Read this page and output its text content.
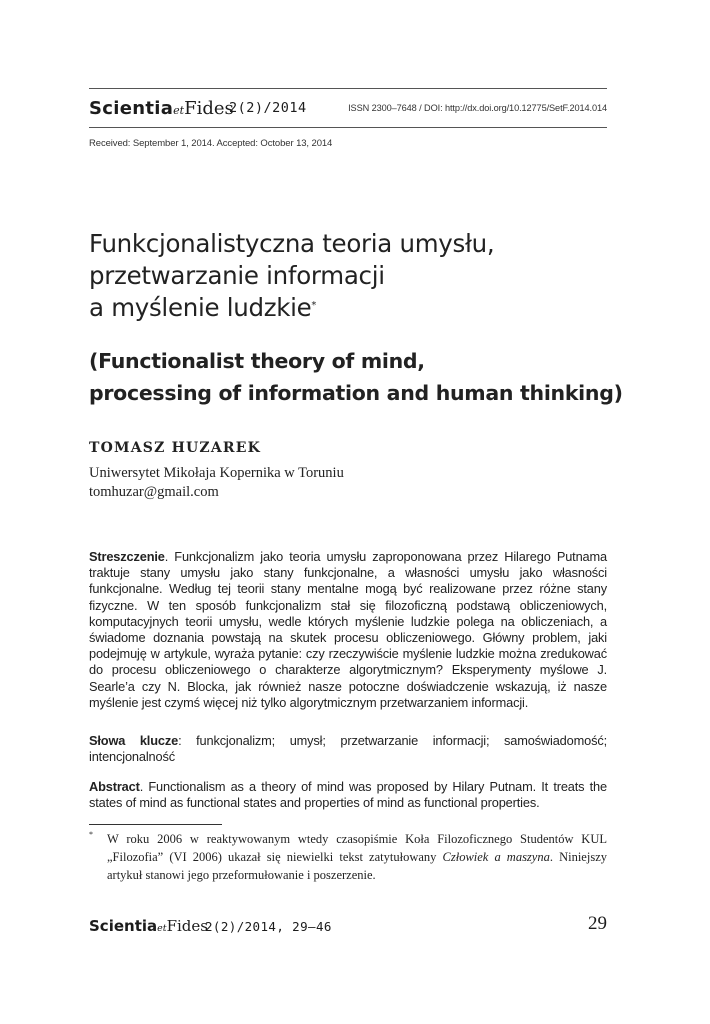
ScientiaetFides
2(2)/2014	ISSN 2300–7648 / DOI: http://dx.doi.org/10.12775/SetF.2014.014
Received: September 1, 2014. Accepted: October 13, 2014
Funkcjonalistyczna teoria umysłu,
przetwarzanie informacji
a myślenie ludzkie*
(Functionalist theory of mind,
processing of information and human thinking)
TOMASZ HUZAREK
Uniwersytet Mikołaja Kopernika w Toruniu
tomhuzar@gmail.com

Streszczenie. Funkcjonalizm jako teoria umysłu zaproponowana przez Hilarego Putnama traktuje stany umysłu jako stany funkcjonalne, a własności umysłu jako własności funkcjonalne. Według tej teorii stany mentalne mogą być realizowane przez różne stany fizyczne. W ten sposób funkcjonalizm stał się filozoficzną podstawą obliczeniowych, komputacyjnych teorii umysłu, wedle których myślenie ludzkie polega na obliczeniach, a świadome doznania powstają na skutek procesu obliczeniowego. Główny problem, jaki podejmuję w artykule, wyraża pytanie: czy rzeczywiście myślenie ludzkie można zredukować do procesu obliczeniowego o charakterze algorytmicznym? Eksperymenty myślowe J. Searle’a czy N. Blocka, jak również nasze potoczne doświadczenie wskazują, iż nasze myślenie jest czymś więcej niż tylko algorytmicznym przetwarzaniem informacji.

Słowa klucze: funkcjonalizm; umysł; przetwarzanie informacji; samoświadomość; intencjonalność

Abstract. Functionalism as a theory of mind was proposed by Hilary Putnam. It treats the states of mind as functional states and properties of mind as functional properties.

* W roku 2006 w reaktywowanym wtedy czasopiśmie Koła Filozoficznego Studentów KUL „Filozofia” (VI 2006) ukazał się niewielki tekst zatytułowany Człowiek a maszyna. Niniejszy artykuł stanowi jego przeformułowanie i poszerzenie.

ScientiaetFides
2(2)/2014, 29–46	29
